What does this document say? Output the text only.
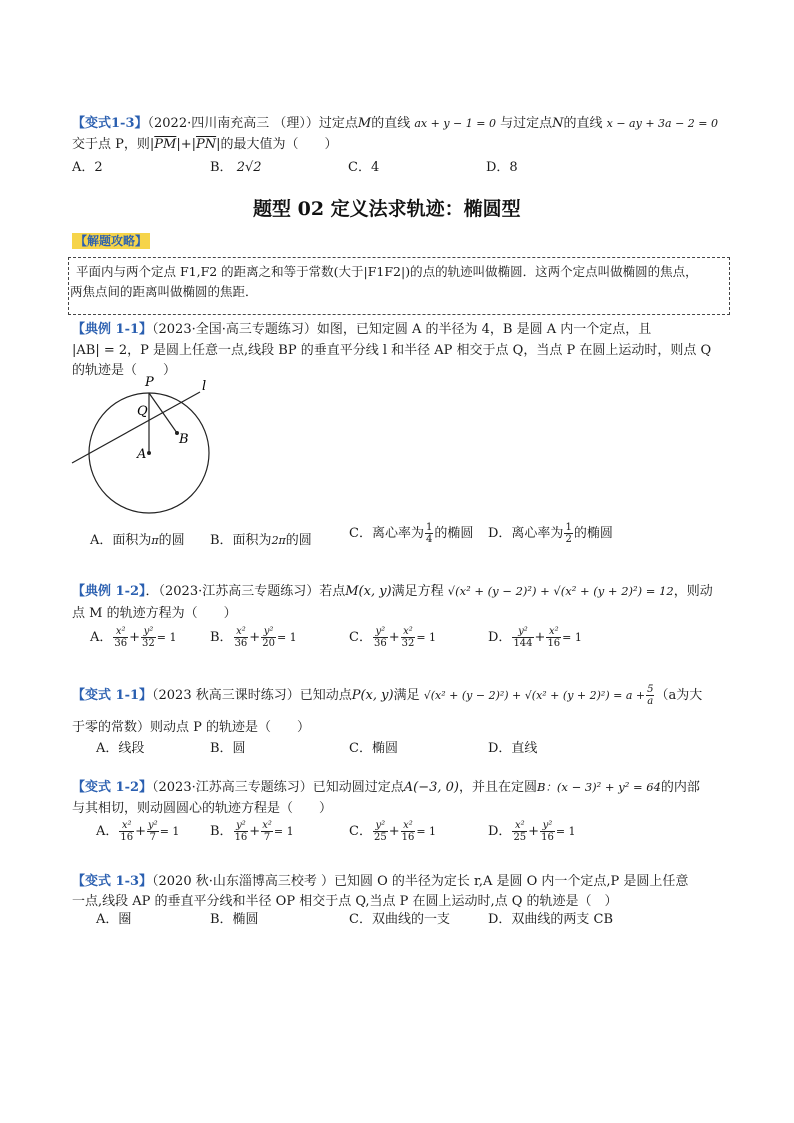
【变式1-3】（2022·四川南充高三 （理））过定点M的直线 ax + y − 1 = 0 与过定点N的直线 x − ay + 3a − 2 = 0
交于点 P，则$|\overline{PM}|+|\overline{PN}|$的最大值为（　　）
A．2	B． 2√2	C．4	D．8
题型 02 定义法求轨迹：椭圆型
【解题攻略】
平面内与两个定点 F1,F2 的距离之和等于常数(大于|F1F2|)的点的轨迹叫做椭圆．这两个定点叫做椭圆的焦点，
两焦点间的距离叫做椭圆的焦距．
【典例 1-1】（2023·全国·高三专题练习）如图，已知定圆 A 的半径为 4，B 是圆 A 内一个定点，且
|AB| = 2，P 是圆上任意一点,线段 BP 的垂直平分线 l 和半径 AP 相交于点 Q，当点 P 在圆上运动时，则点 Q
的轨迹是（　　）
P	l
Q
B
A
A．面积为π的圆 B．面积为2π的圆	C．离心率为 $\frac{1}{4}$ 的椭圆 D．离心率为 $\frac{1}{2}$ 的椭圆
【典例 1-2】．（2023·江苏高三专题练习）若点M(x, y)满足方程 √(x² + (y − 2)²) + √(x² + (y + 2)²) = 12，则动
点 M 的轨迹方程为（　　）
A． $\frac{\text{x²}}{36} + \frac{\text{y²}}{32} = 1$	B． $\frac{\text{x²}}{36} + \frac{\text{y²}}{20} = 1$	C． $\frac{\text{y²}}{36} + \frac{\text{x²}}{32} = 1$	D． $\frac{\text{y²}}{144} + \frac{\text{x²}}{16} = 1$
【变式 1-1】（2023 秋高三课时练习）已知动点P(x, y)满足 $√(x^2 + (y - 2)^2) + √(x^2 + (y + 2)^2) = a + \frac{5}{a} (a$为大
于零的常数）则动点 P 的轨迹是（　　）
A．线段	B．圆	C．椭圆	D．直线
【变式 1-2】（2023·江苏高三专题练习）已知动圆过定点A(−3, 0)，并且在定圆B：(x − 3)² + y² = 64的内部
与其相切，则动圆圆心的轨迹方程是（　　）
A． $\frac{\text{x²}}{16} + \frac{\text{y²}}{7} = 1$ B． $\frac{\text{y²}}{16} + \frac{\text{x²}}{7} = 1$	C． $\frac{\text{y²}}{25} + \frac{\text{x²}}{16} = 1$	D． $\frac{\text{x²}}{25} + \frac{\text{y²}}{16} = 1$
【变式 1-3】（2020 秋·山东淄博高三校考 ）已知圆 O 的半径为定长 r,A 是圆 O 内一个定点,P 是圆上任意
一点,线段 AP 的垂直平分线和半径 OP 相交于点 Q,当点 P 在圆上运动时,点 Q 的轨迹是（　）
A．圈	B．椭圆	C．双曲线的一支	D．双曲线的两支 CB
